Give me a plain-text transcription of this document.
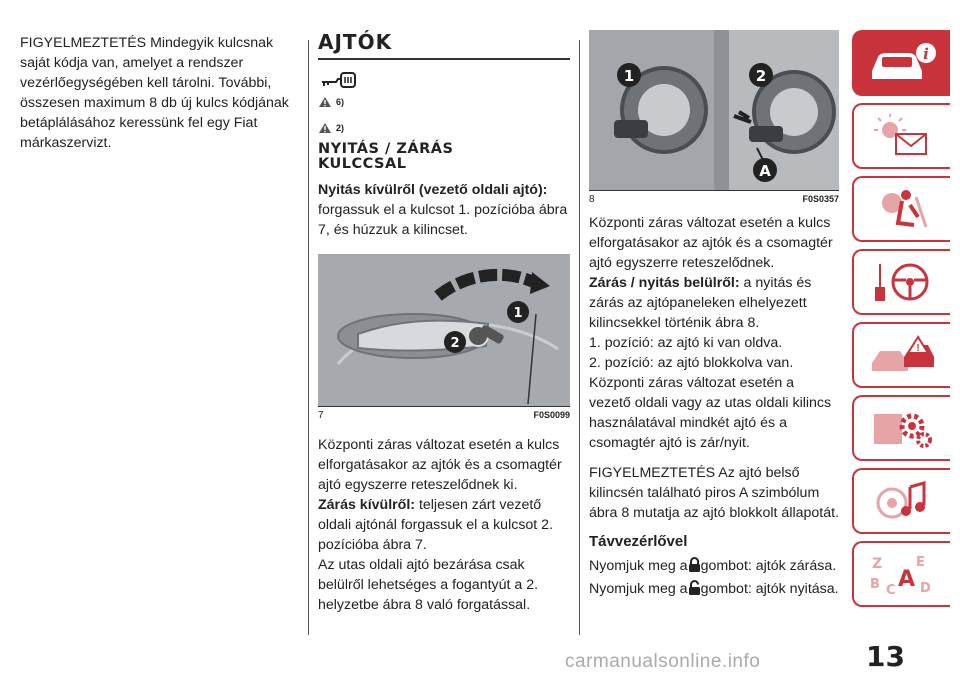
FIGYELMEZTETÉS Mindegyik kulcsnak saját kódja van, amelyet a rendszer vezérlőegységében kell tárolni. További, összesen maximum 8 db új kulcs kódjának betáplálásához keressünk fel egy Fiat márkaszervizt.
AJTÓK
6)
2)
NYITÁS / ZÁRÁS KULCCSAL
Nyitás kívülről (vezető oldali ajtó): forgassuk el a kulcsot 1. pozícióba ábra 7, és húzzuk a kilincset.
2
1
7	F0S0099
Központi záras változat esetén a kulcs elforgatásakor az ajtók és a csomagtér ajtó egyszerre reteszelődnek ki.
Zárás kívülről: teljesen zárt vezető oldali ajtónál forgassuk el a kulcsot 2. pozícióba ábra 7.
Az utas oldali ajtó bezárása csak belülről lehetséges a fogantyút a 2. helyzetbe ábra 8 való forgatással.
1	2
A
8	F0S0357
Központi záras változat esetén a kulcs elforgatásakor az ajtók és a csomagtér ajtó egyszerre reteszelődnek.
Zárás / nyitás belülről: a nyitás és zárás az ajtópaneleken elhelyezett kilincsekkel történik ábra 8.
1. pozíció: az ajtó ki van oldva.
2. pozíció: az ajtó blokkolva van.
Központi záras változat esetén a vezető oldali vagy az utas oldali kilincs használatával mindkét ajtó és a csomagtér ajtó is zár/nyit.
FIGYELMEZTETÉS Az ajtó belső kilincsén található piros A szimbólum ábra 8 mutatja az ajtó blokkolt állapotát.
Távvezérlővel
Nyomjuk meg a gombot: ajtók zárása.
Nyomjuk meg a gombot: ajtók nyitása.
i
!
Z	E
B C D
A
13
carmanualsonline.info
